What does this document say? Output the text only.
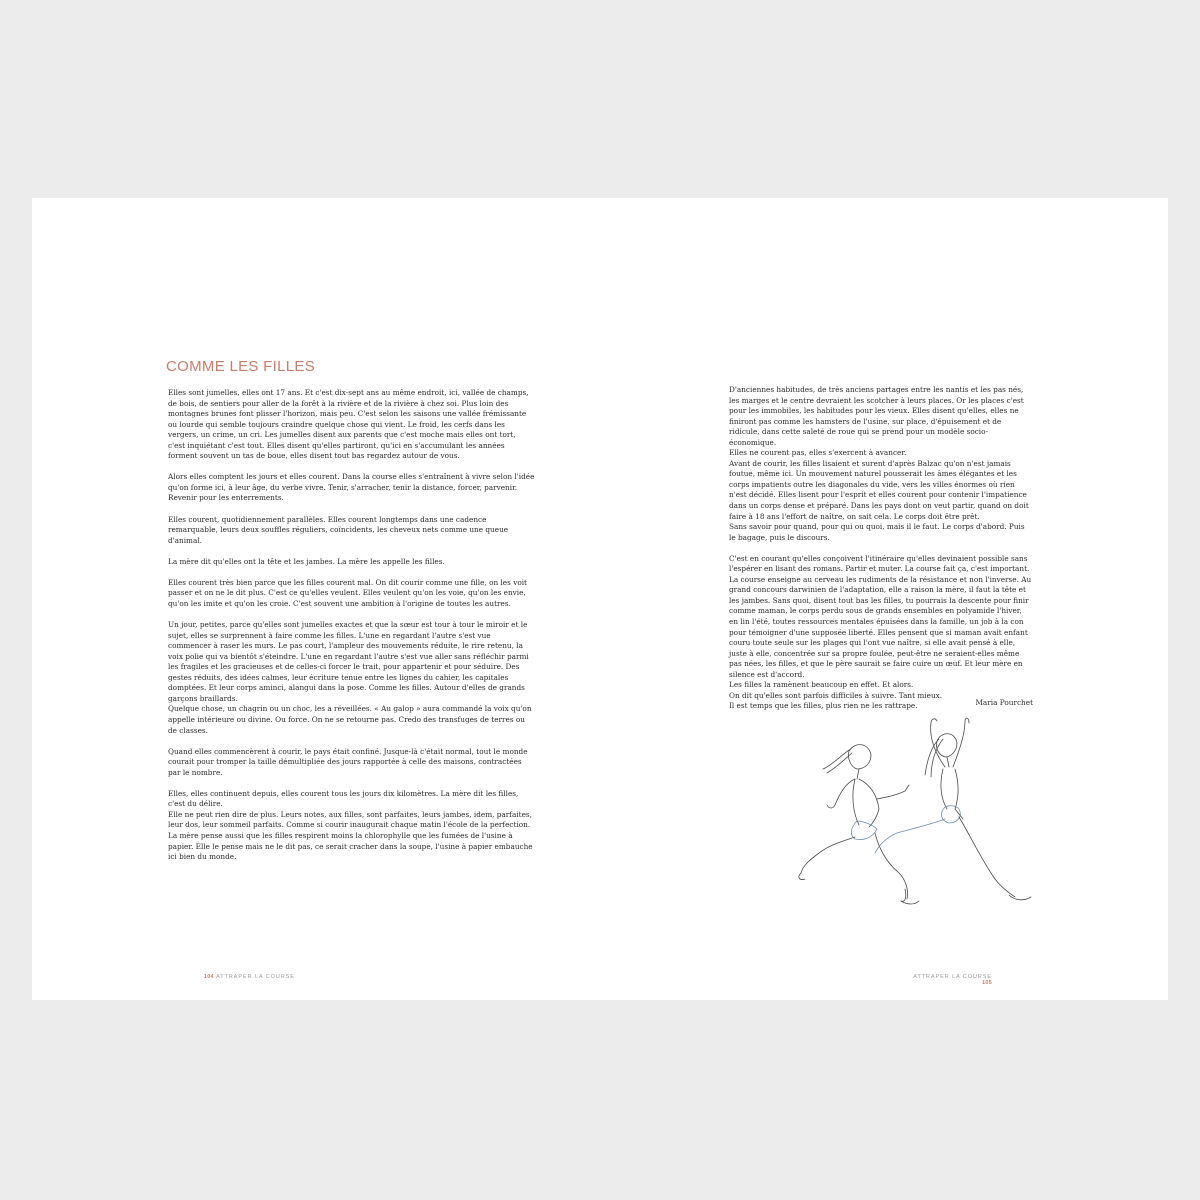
COMME LES FILLES

Elles sont jumelles, elles ont 17 ans. Et c'est dix-sept ans au même endroit, ici, vallée de champs, de bois, de sentiers pour aller de la forêt à la rivière et de la rivière à chez soi. Plus loin des montagnes brunes font plisser l'horizon, mais peu. C'est selon les saisons une vallée frémissante ou lourde qui semble toujours craindre quelque chose qui vient. Le froid, les cerfs dans les vergers, un crime, un cri. Les jumelles disent aux parents que c'est moche mais elles ont tort, c'est inquiétant c'est tout. Elles disent qu'elles partiront, qu'ici en s'accumulant les années forment souvent un tas de boue, elles disent tout bas regardez autour de vous.

Alors elles comptent les jours et elles courent. Dans la course elles s'entraînent à vivre selon l'idée qu'on forme ici, à leur âge, du verbe vivre. Tenir, s'arracher, tenir la distance, forcer, parvenir. Revenir pour les enterrements.

Elles courent, quotidiennement parallèles. Elles courent longtemps dans une cadence remarquable, leurs deux souffles réguliers, coïncidents, les cheveux nets comme une queue d'animal.

La mère dit qu'elles ont la tête et les jambes. La mère les appelle les filles.

Elles courent très bien parce que les filles courent mal. On dit courir comme une fille, on les voit passer et on ne le dit plus. C'est ce qu'elles veulent. Elles veulent qu'on les voie, qu'on les envie, qu'on les imite et qu'on les croie. C'est souvent une ambition à l'origine de toutes les autres.

Un jour, petites, parce qu'elles sont jumelles exactes et que la sœur est tour à tour le miroir et le sujet, elles se surprennent à faire comme les filles. L'une en regardant l'autre s'est vue commencer à raser les murs. Le pas court, l'ampleur des mouvements réduite, le rire retenu, la voix polie qui va bientôt s'éteindre. L'une en regardant l'autre s'est vue aller sans réfléchir parmi les fragiles et les gracieuses et de celles-ci forcer le trait, pour appartenir et pour séduire. Des gestes réduits, des idées calmes, leur écriture tenue entre les lignes du cahier, les capitales domptées. Et leur corps aminci, alangui dans la pose. Comme les filles. Autour d'elles de grands garçons braillards.
Quelque chose, un chagrin ou un choc, les a réveillées. « Au galop » aura commandé la voix qu'on appelle intérieure ou divine. Ou force. On ne se retourne pas. Credo des transfuges de terres ou de classes.

Quand elles commencèrent à courir, le pays était confiné. Jusque-là c'était normal, tout le monde courait pour tromper la taille démultipliée des jours rapportée à celle des maisons, contractées par le nombre.

Elles, elles continuent depuis, elles courent tous les jours dix kilomètres. La mère dit les filles, c'est du délire.
Elle ne peut rien dire de plus. Leurs notes, aux filles, sont parfaites, leurs jambes, idem, parfaites, leur dos, leur sommeil parfaits. Comme si courir inaugurait chaque matin l'école de la perfection.
La mère pense aussi que les filles respirent moins la chlorophylle que les fumées de l'usine à papier. Elle le pense mais ne le dit pas, ce serait cracher dans la soupe, l'usine à papier embauche ici bien du monde.

D'anciennes habitudes, de très anciens partages entre les nantis et les pas nés, les marges et le centre devraient les scotcher à leurs places. Or les places c'est pour les immobiles, les habitudes pour les vieux. Elles disent qu'elles, elles ne finiront pas comme les hamsters de l'usine, sur place, d'épuisement et de ridicule, dans cette saleté de roue qui se prend pour un modèle socio-économique.
Elles ne courent pas, elles s'exercent à avancer.
Avant de courir, les filles lisaient et surent d'après Balzac qu'on n'est jamais foutue, même ici. Un mouvement naturel pousserait les âmes élégantes et les corps impatients outre les diagonales du vide, vers les villes énormes où rien n'est décidé. Elles lisent pour l'esprit et elles courent pour contenir l'impatience dans un corps dense et préparé. Dans les pays dont on veut partir, quand on doit faire à 18 ans l'effort de naître, on sait cela. Le corps doit être prêt.
Sans savoir pour quand, pour qui ou quoi, mais il le faut. Le corps d'abord. Puis le bagage, puis le discours.

C'est en courant qu'elles conçoivent l'itinéraire qu'elles devinaient possible sans l'espérer en lisant des romans. Partir et muter. La course fait ça, c'est important. La course enseigne au cerveau les rudiments de la résistance et non l'inverse. Au grand concours darwinien de l'adaptation, elle a raison la mère, il faut la tête et les jambes. Sans quoi, disent tout bas les filles, tu pourrais la descente pour finir comme maman, le corps perdu sous de grands ensembles en polyamide l'hiver, en lin l'été, toutes ressources mentales épuisées dans la famille, un job à la con pour témoigner d'une supposée liberté. Elles pensent que si maman avait enfant couru toute seule sur les plages qui l'ont vue naître, si elle avait pensé à elle, juste à elle, concentrée sur sa propre foulée, peut-être ne seraient-elles même pas nées, les filles, et que le père saurait se faire cuire un œuf. Et leur mère en silence est d'accord.
Les filles la ramènent beaucoup en effet. Et alors.
On dit qu'elles sont parfois difficiles à suivre. Tant mieux.
Il est temps que les filles, plus rien ne les rattrape.	Maria Pourchet
104 ATTRAPER LA COURSE	ATTRAPER LA COURSE 105
